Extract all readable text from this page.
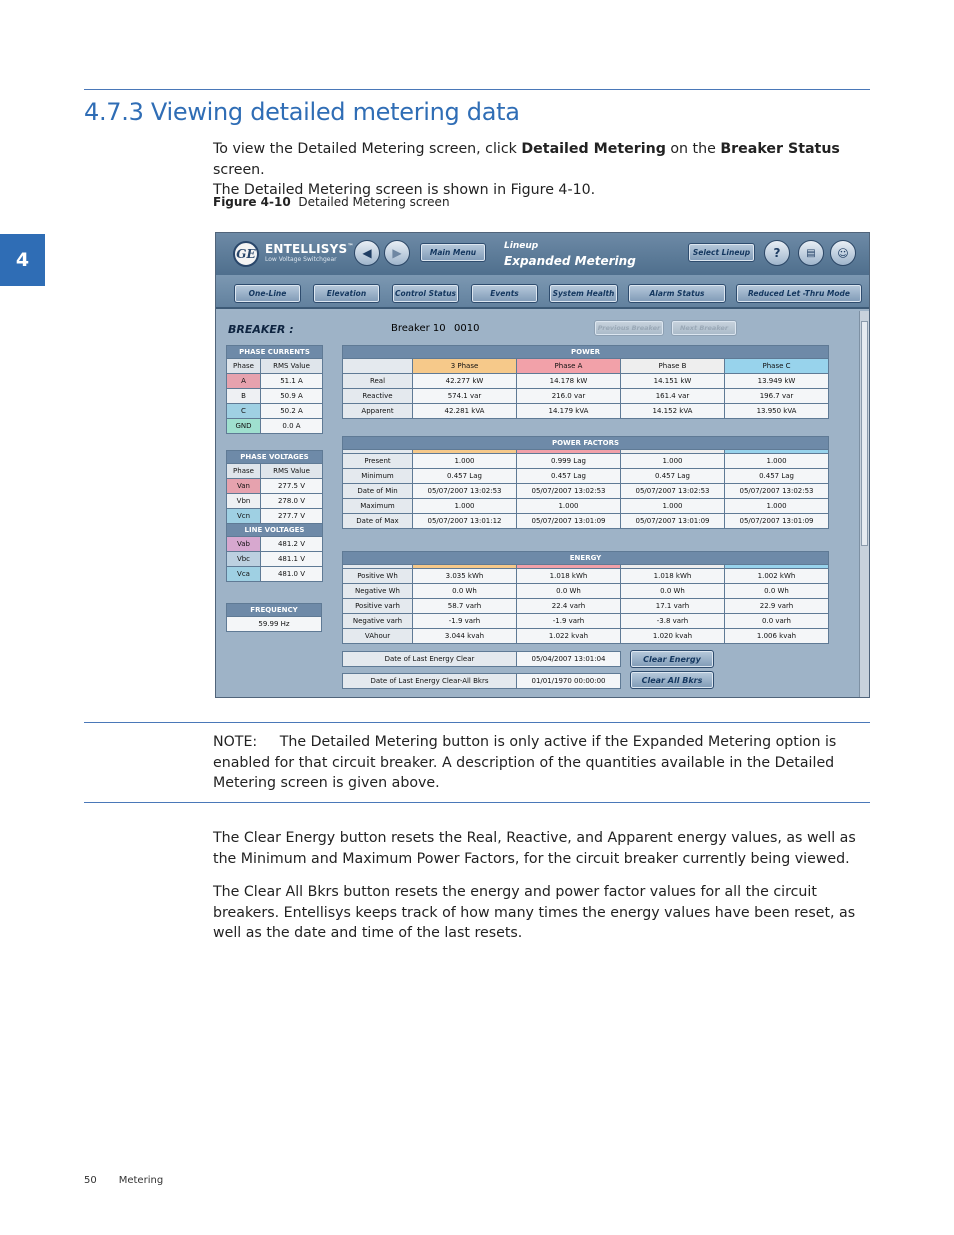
4.7.3 Viewing detailed metering data
To view the Detailed Metering screen, click Detailed Metering on the Breaker Status screen.
The Detailed Metering screen is shown in Figure 4-10.
Figure 4-10 Detailed Metering screen
4	GE ENTELLISYS™
Low Voltage Switchgear	◀	▶	Main Menu
Lineup
Expanded Metering
Select Lineup	?	▤	☺
One-Line	Elevation	Control Status	Events	System Health	Alarm Status	Reduced Let -Thru Mode
BREAKER :	Breaker 10 0010	Previous Breaker	Next Breaker
PHASE CURRENTS	
Phase	RMS Value
A	51.1 A
B	50.9 A
C	50.2 A
GND	0.0 A
PHASE VOLTAGES	
Phase	RMS Value
Van	277.5 V
Vbn	278.0 V
Vcn	277.7 V
LINE VOLTAGES	
Vab	481.2 V
Vbc	481.1 V
Vca	481.0 V
FREQUENCY
59.99 Hz
POWER				
	3 Phase	Phase A	Phase B	Phase C
Real	42.277 kW	14.178 kW	14.151 kW	13.949 kW
Reactive	574.1 var	216.0 var	161.4 var	196.7 var
Apparent	42.281 kVA	14.179 kVA	14.152 kVA	13.950 kVA
POWER FACTORS				

Present	1.000	0.999 Lag	1.000	1.000
Minimum	0.457 Lag	0.457 Lag	0.457 Lag	0.457 Lag
Date of Min	05/07/2007 13:02:53	05/07/2007 13:02:53	05/07/2007 13:02:53	05/07/2007 13:02:53
Maximum	1.000	1.000	1.000	1.000
Date of Max	05/07/2007 13:01:12	05/07/2007 13:01:09	05/07/2007 13:01:09	05/07/2007 13:01:09
ENERGY				

Positive Wh	3.035 kWh	1.018 kWh	1.018 kWh	1.002 kWh
Negative Wh	0.0 Wh	0.0 Wh	0.0 Wh	0.0 Wh
Positive varh	58.7 varh	22.4 varh	17.1 varh	22.9 varh
Negative varh	-1.9 varh	-1.9 varh	-3.8 varh	0.0 varh
VAhour	3.044 kvah	1.022 kvah	1.020 kvah	1.006 kvah
Date of Last Energy Clear	05/04/2007 13:01:04	Clear Energy
Date of Last Energy Clear-All Bkrs	01/01/1970 00:00:00	Clear All Bkrs
NOTE:     The Detailed Metering button is only active if the Expanded Metering option is enabled for that circuit breaker. A description of the quantities available in the Detailed Metering screen is given above.
The Clear Energy button resets the Real, Reactive, and Apparent energy values, as well as the Minimum and Maximum Power Factors, for the circuit breaker currently being viewed.
The Clear All Bkrs button resets the energy and power factor values for all the circuit breakers. Entellisys keeps track of how many times the energy values have been reset, as well as the date and time of the last resets.
50 Metering
